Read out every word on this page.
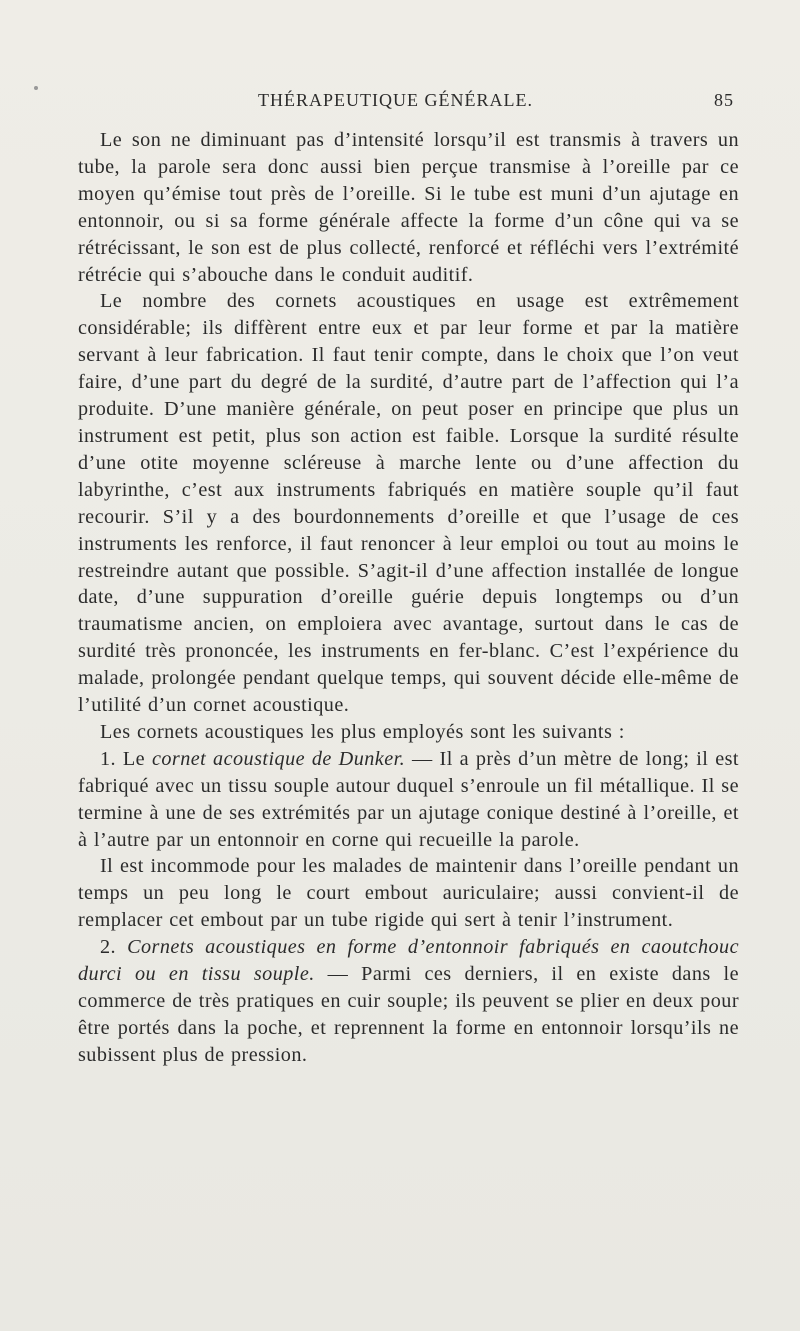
THÉRAPEUTIQUE GÉNÉRALE.	85

Le son ne diminuant pas d’intensité lorsqu’il est transmis à travers un tube, la parole sera donc aussi bien perçue transmise à l’oreille par ce moyen qu’émise tout près de l’oreille. Si le tube est muni d’un ajutage en entonnoir, ou si sa forme générale affecte la forme d’un cône qui va se rétrécissant, le son est de plus collecté, renforcé et réfléchi vers l’extrémité rétrécie qui s’abouche dans le conduit auditif.

Le nombre des cornets acoustiques en usage est extrêmement considérable; ils diffèrent entre eux et par leur forme et par la matière servant à leur fabrication. Il faut tenir compte, dans le choix que l’on veut faire, d’une part du degré de la surdité, d’autre part de l’affection qui l’a produite. D’une manière générale, on peut poser en principe que plus un instrument est petit, plus son action est faible. Lorsque la surdité résulte d’une otite moyenne scléreuse à marche lente ou d’une affection du labyrinthe, c’est aux instruments fabriqués en matière souple qu’il faut recourir. S’il y a des bourdonnements d’oreille et que l’usage de ces instruments les renforce, il faut renoncer à leur emploi ou tout au moins le restreindre autant que possible. S’agit-il d’une affection installée de longue date, d’une suppuration d’oreille guérie depuis longtemps ou d’un traumatisme ancien, on emploiera avec avantage, surtout dans le cas de surdité très prononcée, les instruments en fer-blanc. C’est l’expérience du malade, prolongée pendant quelque temps, qui souvent décide elle-même de l’utilité d’un cornet acoustique.

Les cornets acoustiques les plus employés sont les suivants :

1. Le cornet acoustique de Dunker. — Il a près d’un mètre de long; il est fabriqué avec un tissu souple autour duquel s’enroule un fil métallique. Il se termine à une de ses extrémités par un ajutage conique destiné à l’oreille, et à l’autre par un entonnoir en corne qui recueille la parole.

Il est incommode pour les malades de maintenir dans l’oreille pendant un temps un peu long le court embout auriculaire; aussi convient-il de remplacer cet embout par un tube rigide qui sert à tenir l’instrument.

2. Cornets acoustiques en forme d’entonnoir fabriqués en caoutchouc durci ou en tissu souple. — Parmi ces derniers, il en existe dans le commerce de très pratiques en cuir souple; ils peuvent se plier en deux pour être portés dans la poche, et reprennent la forme en entonnoir lorsqu’ils ne subissent plus de pression.
